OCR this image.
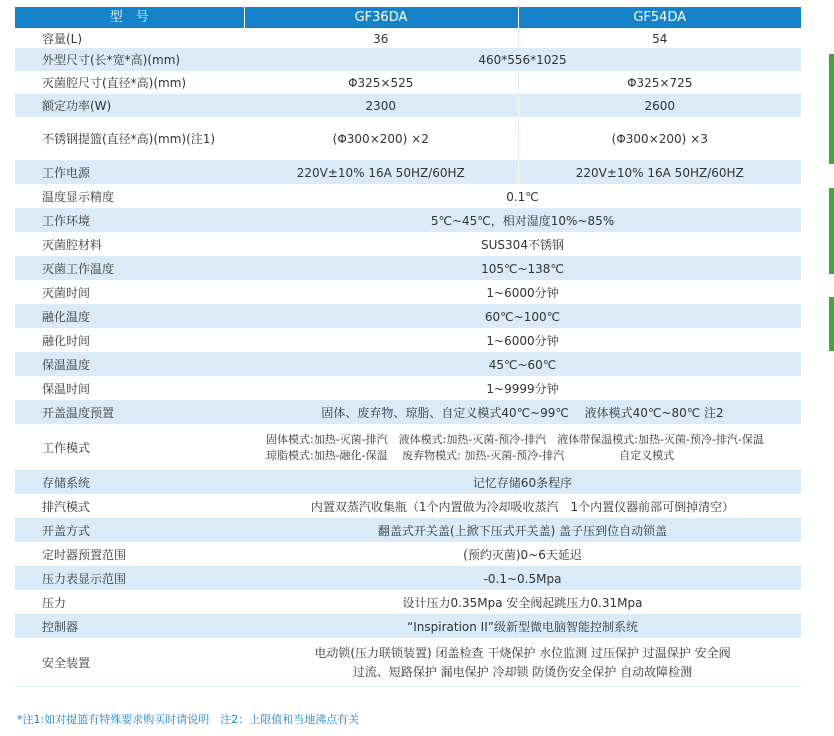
型　号	GF36DA	GF54DA
容量(L)	36	54
外型尺寸(长*宽*高)(mm)	460*556*1025	
灭菌腔尺寸(直径*高)(mm)	Φ325×525	Φ325×725
额定功率(W)	2300	2600
不锈钢提篮(直径*高)(mm)(注1)	(Φ300×200) ×2	(Φ300×200) ×3
工作电源	220V±10% 16A 50HZ/60HZ	220V±10% 16A 50HZ/60HZ
温度显示精度	0.1℃	
工作环境	5℃~45℃，相对湿度10%~85%	
灭菌腔材料	SUS304不锈钢	
灭菌工作温度	105℃~138℃	
灭菌时间	1~6000分钟	
融化温度	60℃~100℃	
融化时间	1~6000分钟	
保温温度	45℃~60℃	
保温时间	1~9999分钟	
开盖温度预置	固体、废弃物、琼脂、自定义模式40℃~99℃　 液体模式40℃~80℃ 注2	
工作模式	固体模式:加热-灭菌-排汽　液体模式:加热-灭菌-预冷-排汽　液体带保温模式:加热-灭菌-预冷-排汽-保温
琼脂模式:加热-融化-保温　 废弃物模式: 加热-灭菌-预冷-排汽　　　　　自定义模式	

存储系统	记忆存储60条程序	
排汽模式	内置双蒸汽收集瓶（1个内置做为冷却吸收蒸汽　1个内置仪器前部可倒掉清空）	
开盖方式	翻盖式开关盖(上掀下压式开关盖) 盖子压到位自动锁盖	
定时器预置范围	(预约灭菌)0~6天延迟	
压力表显示范围	-0.1~0.5Mpa	
压力	设计压力0.35Mpa 安全阀起跳压力0.31Mpa	
控制器	“Inspiration II”级新型微电脑智能控制系统	
安全装置	电动锁(压力联锁装置) 闭盖检查 干烧保护 水位监测 过压保护 过温保护 安全阀
过流、短路保护 漏电保护 冷却锁 防烫伤安全保护 自动故障检测	
*注1:如对提篮有特殊要求购买时请说明　注2：上限值和当地沸点有关
